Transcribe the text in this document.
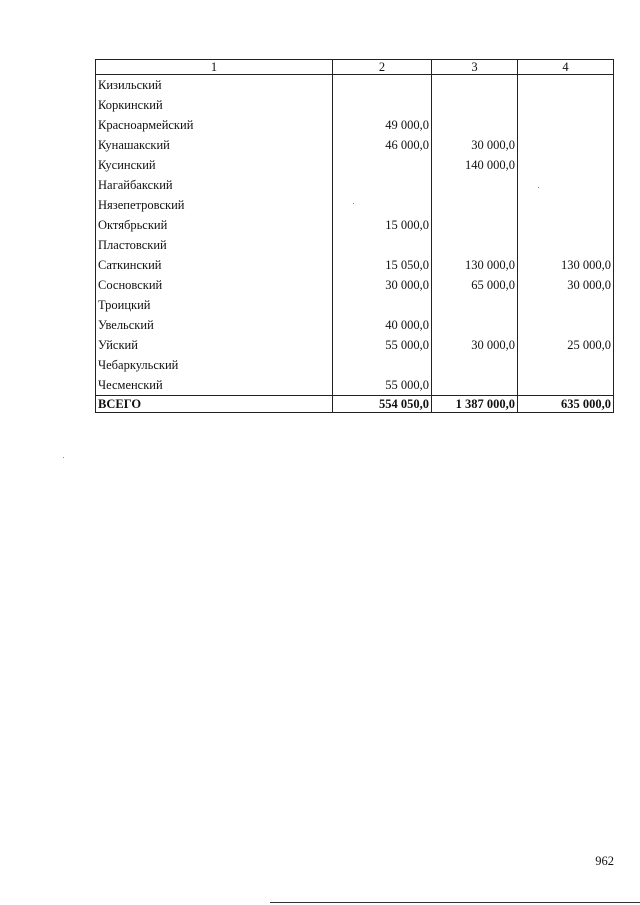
1	2	3	4
Кизильский			
Коркинский			
Красноармейский	49 000,0		
Кунашакский	46 000,0	30 000,0	
Кусинский		140 000,0	
Нагайбакский			
Нязепетровский			
Октябрьский	15 000,0		
Пластовский			
Саткинский	15 050,0	130 000,0	130 000,0
Сосновский	30 000,0	65 000,0	30 000,0
Троицкий			
Увельский	40 000,0		
Уйский	55 000,0	30 000,0	25 000,0
Чебаркульский			
Чесменский	55 000,0		
ВСЕГО	554 050,0	1 387 000,0	635 000,0
962
